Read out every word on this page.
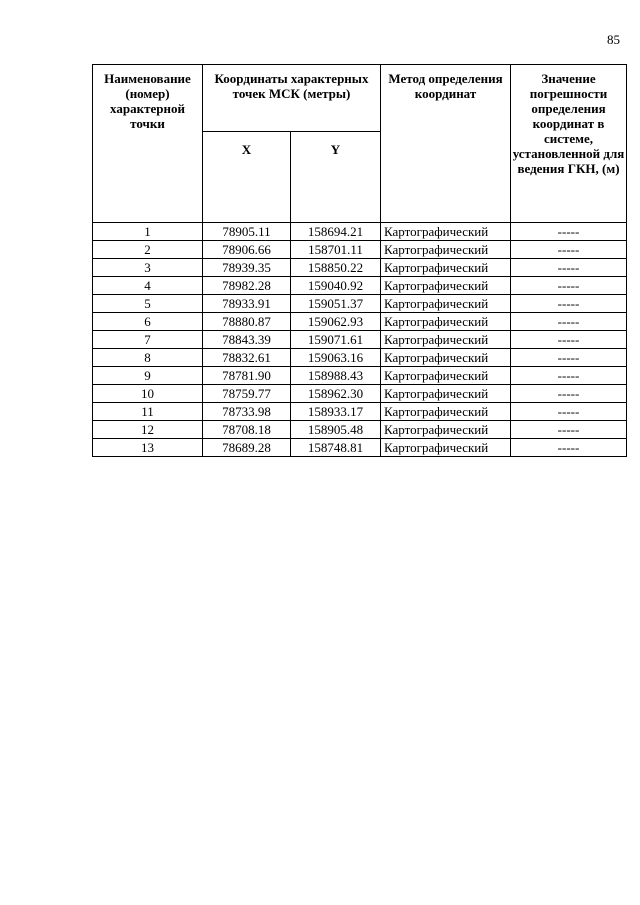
85
Наименование (номер) характерной точки	Координаты характерных точек МСК (метры)		Метод определения координат	Значение погрешности определения координат в системе, установленной для ведения ГКН, (м)
	X	Y		
1	78905.11	158694.21	Картографический	-----
2	78906.66	158701.11	Картографический	-----
3	78939.35	158850.22	Картографический	-----
4	78982.28	159040.92	Картографический	-----
5	78933.91	159051.37	Картографический	-----
6	78880.87	159062.93	Картографический	-----
7	78843.39	159071.61	Картографический	-----
8	78832.61	159063.16	Картографический	-----
9	78781.90	158988.43	Картографический	-----
10	78759.77	158962.30	Картографический	-----
11	78733.98	158933.17	Картографический	-----
12	78708.18	158905.48	Картографический	-----
13	78689.28	158748.81	Картографический	-----
